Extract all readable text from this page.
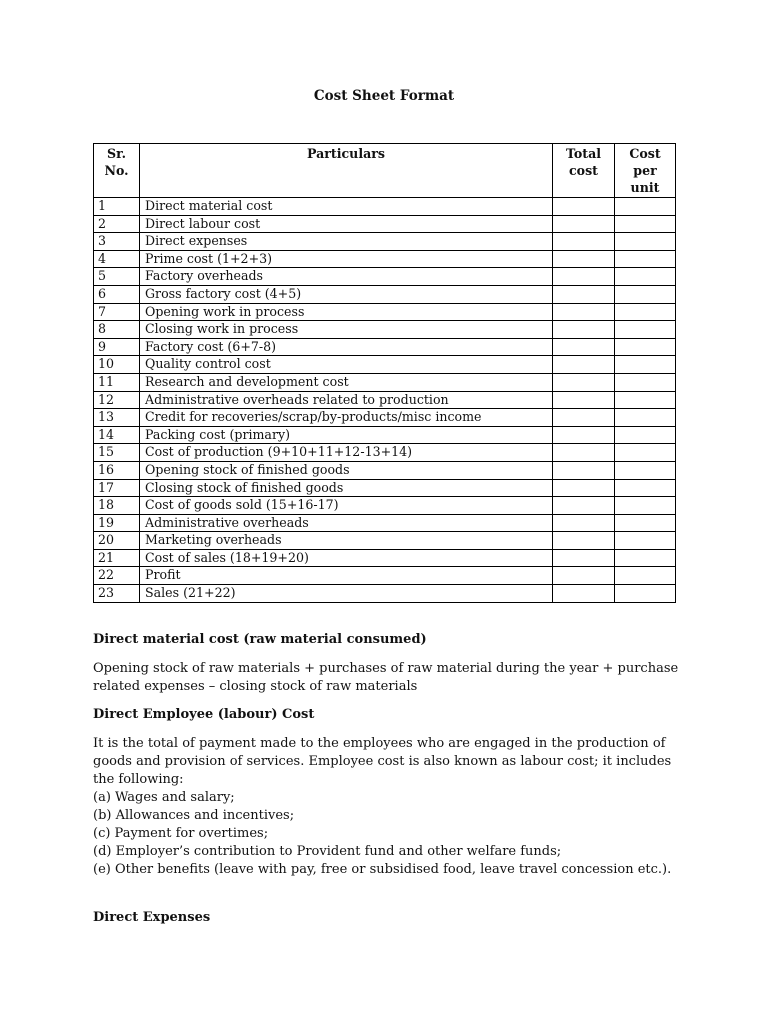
Cost Sheet Format
Sr. No.	Particulars	Total cost	Cost per unit
1	Direct material cost		
2	Direct labour cost		
3	Direct expenses		
4	Prime cost (1+2+3)		
5	Factory overheads		
6	Gross factory cost (4+5)		
7	Opening work in process		
8	Closing work in process		
9	Factory cost (6+7-8)		
10	Quality control cost		
11	Research and development cost		
12	Administrative overheads related to production		
13	Credit for recoveries/scrap/by-products/misc income		
14	Packing cost (primary)		
15	Cost of production (9+10+11+12-13+14)		
16	Opening stock of finished goods		
17	Closing stock of finished goods		
18	Cost of goods sold (15+16-17)		
19	Administrative overheads		
20	Marketing overheads		
21	Cost of sales (18+19+20)		
22	Profit		
23	Sales (21+22)		
Direct material cost (raw material consumed)

Opening stock of raw materials + purchases of raw material during the year + purchase related expenses – closing stock of raw materials

Direct Employee (labour) Cost

It is the total of payment made to the employees who are engaged in the production of goods and provision of services. Employee cost is also known as labour cost; it includes the following:

(a) Wages and salary;
(b) Allowances and incentives;
(c) Payment for overtimes;
(d) Employer’s contribution to Provident fund and other welfare funds;
(e) Other benefits (leave with pay, free or subsidised food, leave travel concession etc.).
Direct Expenses
